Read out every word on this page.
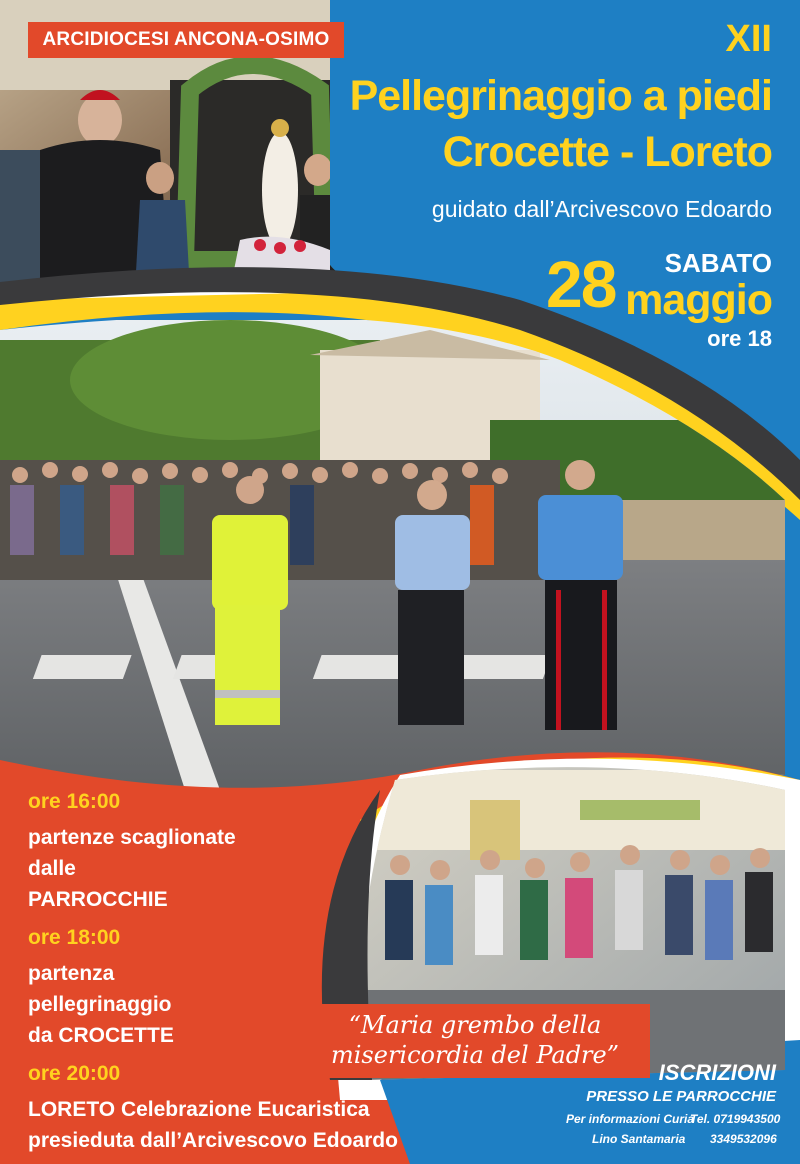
ARCIDIOCESI ANCONA-OSIMO	XII
Pellegrinaggio a piedi
Crocette - Loreto
guidato dall’Arcivescovo Edoardo
SABATO
28 maggio
ore 18
ore 16:00
partenze scaglionate
dalle
PARROCCHIE
ore 18:00
partenza
pellegrinaggio
da CROCETTE
ore 20:00
LORETO Celebrazione Eucaristica
presieduta dall’Arcivescovo Edoardo
“Maria grembo della
misericordia del Padre”
ISCRIZIONI
PRESSO LE PARROCCHIE
Per informazioni Curia
Tel. 0719943500
Lino Santamaria 3349532096
